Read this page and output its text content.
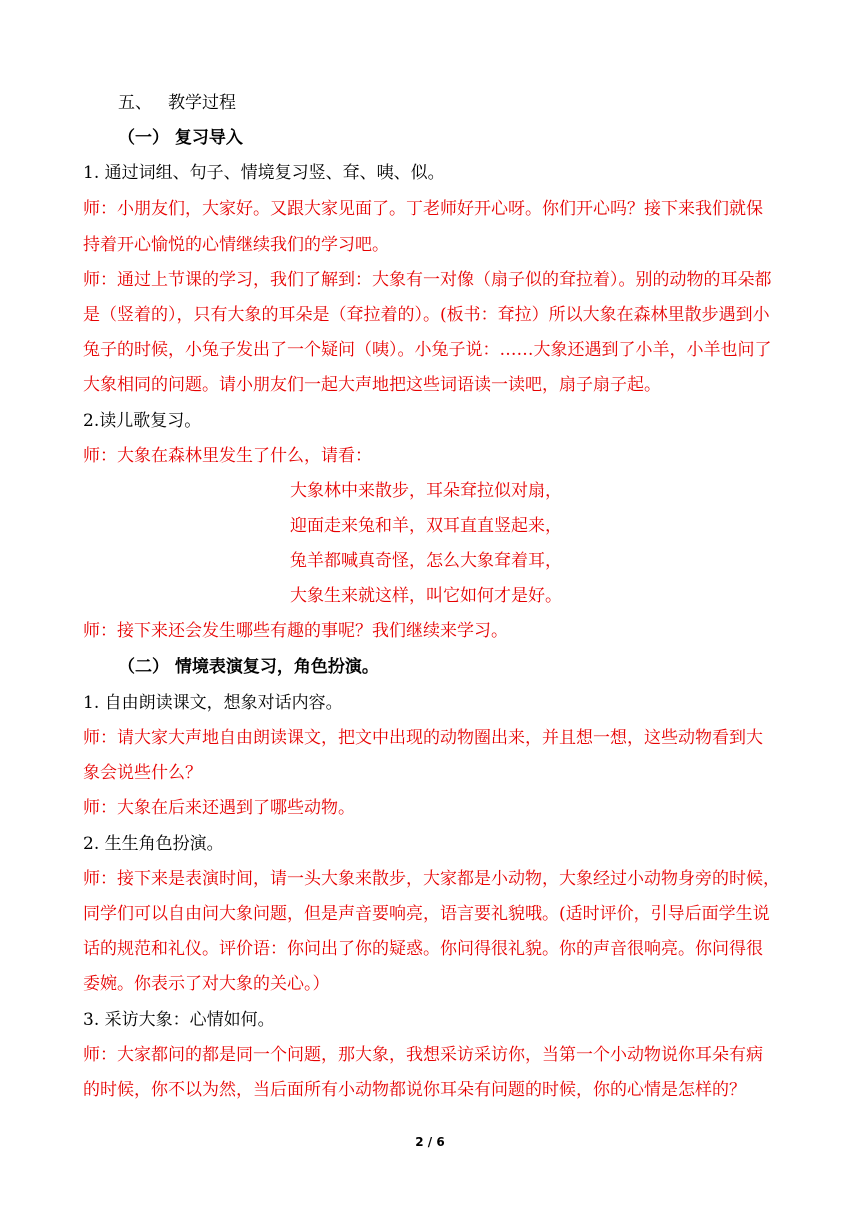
五、 教学过程
（一） 复习导入
1. 通过词组、句子、情境复习竖、耷、咦、似。
师：小朋友们，大家好。又跟大家见面了。丁老师好开心呀。你们开心吗？接下来我们就保
持着开心愉悦的心情继续我们的学习吧。
师：通过上节课的学习，我们了解到：大象有一对像（扇子似的耷拉着）。别的动物的耳朵都
是（竖着的），只有大象的耳朵是（耷拉着的）。(板书：耷拉）所以大象在森林里散步遇到小
兔子的时候，小兔子发出了一个疑问（咦）。小兔子说：……大象还遇到了小羊，小羊也问了
大象相同的问题。请小朋友们一起大声地把这些词语读一读吧，扇子扇子起。
2.读儿歌复习。
师：大象在森林里发生了什么，请看：
大象林中来散步，耳朵耷拉似对扇，
迎面走来兔和羊，双耳直直竖起来，
兔羊都喊真奇怪，怎么大象耷着耳，
大象生来就这样，叫它如何才是好。
师：接下来还会发生哪些有趣的事呢？我们继续来学习。
（二） 情境表演复习，角色扮演。
1. 自由朗读课文，想象对话内容。
师：请大家大声地自由朗读课文，把文中出现的动物圈出来，并且想一想，这些动物看到大
象会说些什么？
师：大象在后来还遇到了哪些动物。
2. 生生角色扮演。
师：接下来是表演时间，请一头大象来散步，大家都是小动物，大象经过小动物身旁的时候，
同学们可以自由问大象问题，但是声音要响亮，语言要礼貌哦。(适时评价，引导后面学生说
话的规范和礼仪。评价语：你问出了你的疑惑。你问得很礼貌。你的声音很响亮。你问得很
委婉。你表示了对大象的关心。）
3. 采访大象：心情如何。
师：大家都问的都是同一个问题，那大象，我想采访采访你，当第一个小动物说你耳朵有病
的时候，你不以为然，当后面所有小动物都说你耳朵有问题的时候，你的心情是怎样的？
2 / 6
